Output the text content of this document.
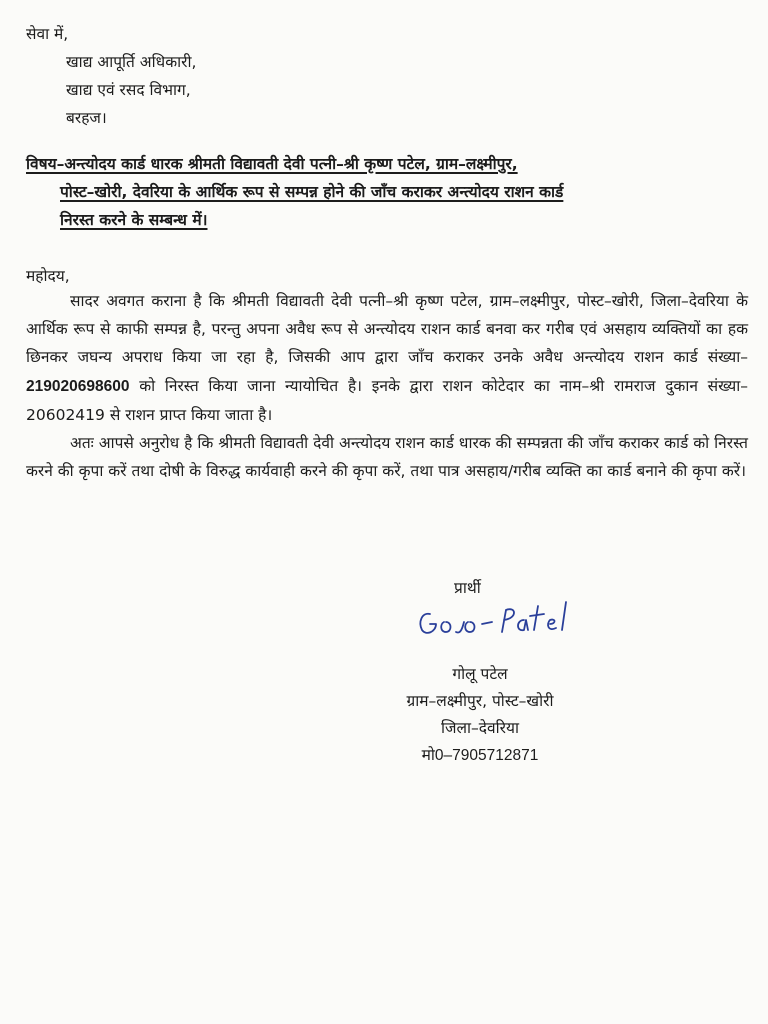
सेवा में,
खाद्य आपूर्ति अधिकारी,
खाद्य एवं रसद विभाग,
बरहज।
विषय–अन्त्योदय कार्ड धारक श्रीमती विद्यावती देवी पत्नी–श्री कृष्ण पटेल, ग्राम–लक्ष्मीपुर,
पोस्ट–खोरी, देवरिया के आर्थिक रूप से सम्पन्न होने की जाँच कराकर अन्त्योदय राशन कार्ड
निरस्त करने के सम्बन्ध में।
महोदय,

सादर अवगत कराना है कि श्रीमती विद्यावती देवी पत्नी–श्री कृष्ण पटेल, ग्राम–लक्ष्मीपुर, पोस्ट–खोरी, जिला–देवरिया के आर्थिक रूप से काफी सम्पन्न है, परन्तु अपना अवैध रूप से अन्त्योदय राशन कार्ड बनवा कर गरीब एवं असहाय व्यक्तियों का हक छिनकर जघन्य अपराध किया जा रहा है, जिसकी आप द्वारा जाँच कराकर उनके अवैध अन्त्योदय राशन कार्ड संख्या–219020698600 को निरस्त किया जाना न्यायोचित है। इनके द्वारा राशन कोटेदार का नाम–श्री रामराज दुकान संख्या–20602419 से राशन प्राप्त किया जाता है।

अतः आपसे अनुरोध है कि श्रीमती विद्यावती देवी अन्त्योदय राशन कार्ड धारक की सम्पन्नता की जाँच कराकर कार्ड को निरस्त करने की कृपा करें तथा दोषी के विरुद्ध कार्यवाही करने की कृपा करें, तथा पात्र असहाय/गरीब व्यक्ति का कार्ड बनाने की कृपा करें।

प्रार्थी
गोलू पटेल
ग्राम–लक्ष्मीपुर, पोस्ट–खोरी
जिला–देवरिया
मो0–7905712871
